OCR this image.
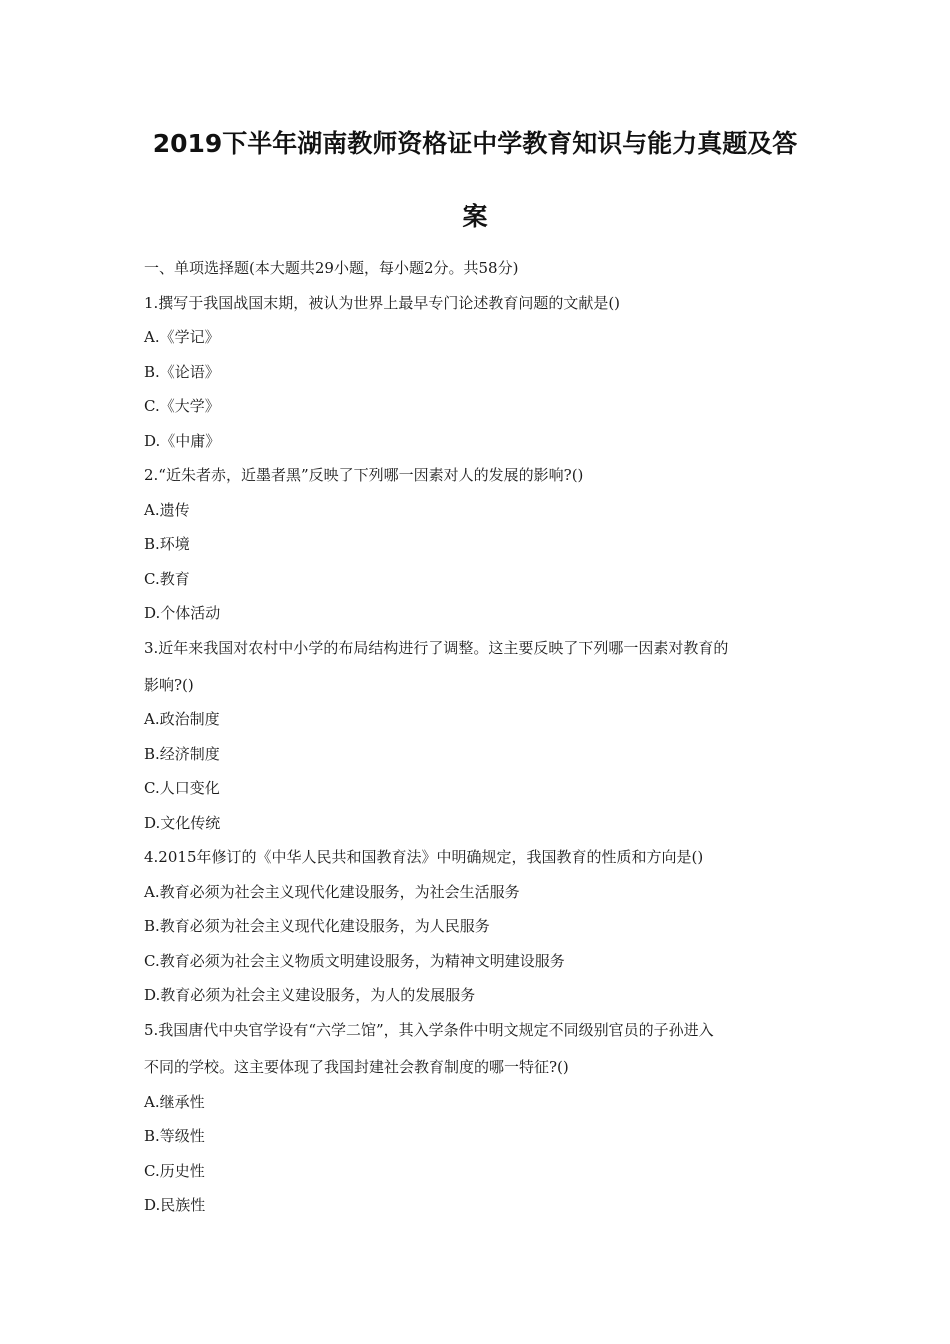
2019下半年湖南教师资格证中学教育知识与能力真题及答
案

一、单项选择题(本大题共29小题，每小题2分。共58分)

1.撰写于我国战国末期，被认为世界上最早专门论述教育问题的文献是()

A.《学记》

B.《论语》

C.《大学》

D.《中庸》

2.“近朱者赤，近墨者黑”反映了下列哪一因素对人的发展的影响?()

A.遗传

B.环境

C.教育

D.个体活动

3.近年来我国对农村中小学的布局结构进行了调整。这主要反映了下列哪一因素对教育的

影响?()

A.政治制度

B.经济制度

C.人口变化

D.文化传统

4.2015年修订的《中华人民共和国教育法》中明确规定，我国教育的性质和方向是()

A.教育必须为社会主义现代化建设服务，为社会生活服务

B.教育必须为社会主义现代化建设服务，为人民服务

C.教育必须为社会主义物质文明建设服务，为精神文明建设服务

D.教育必须为社会主义建设服务，为人的发展服务

5.我国唐代中央官学设有“六学二馆”，其入学条件中明文规定不同级别官员的子孙进入

不同的学校。这主要体现了我国封建社会教育制度的哪一特征?()

A.继承性

B.等级性

C.历史性

D.民族性
